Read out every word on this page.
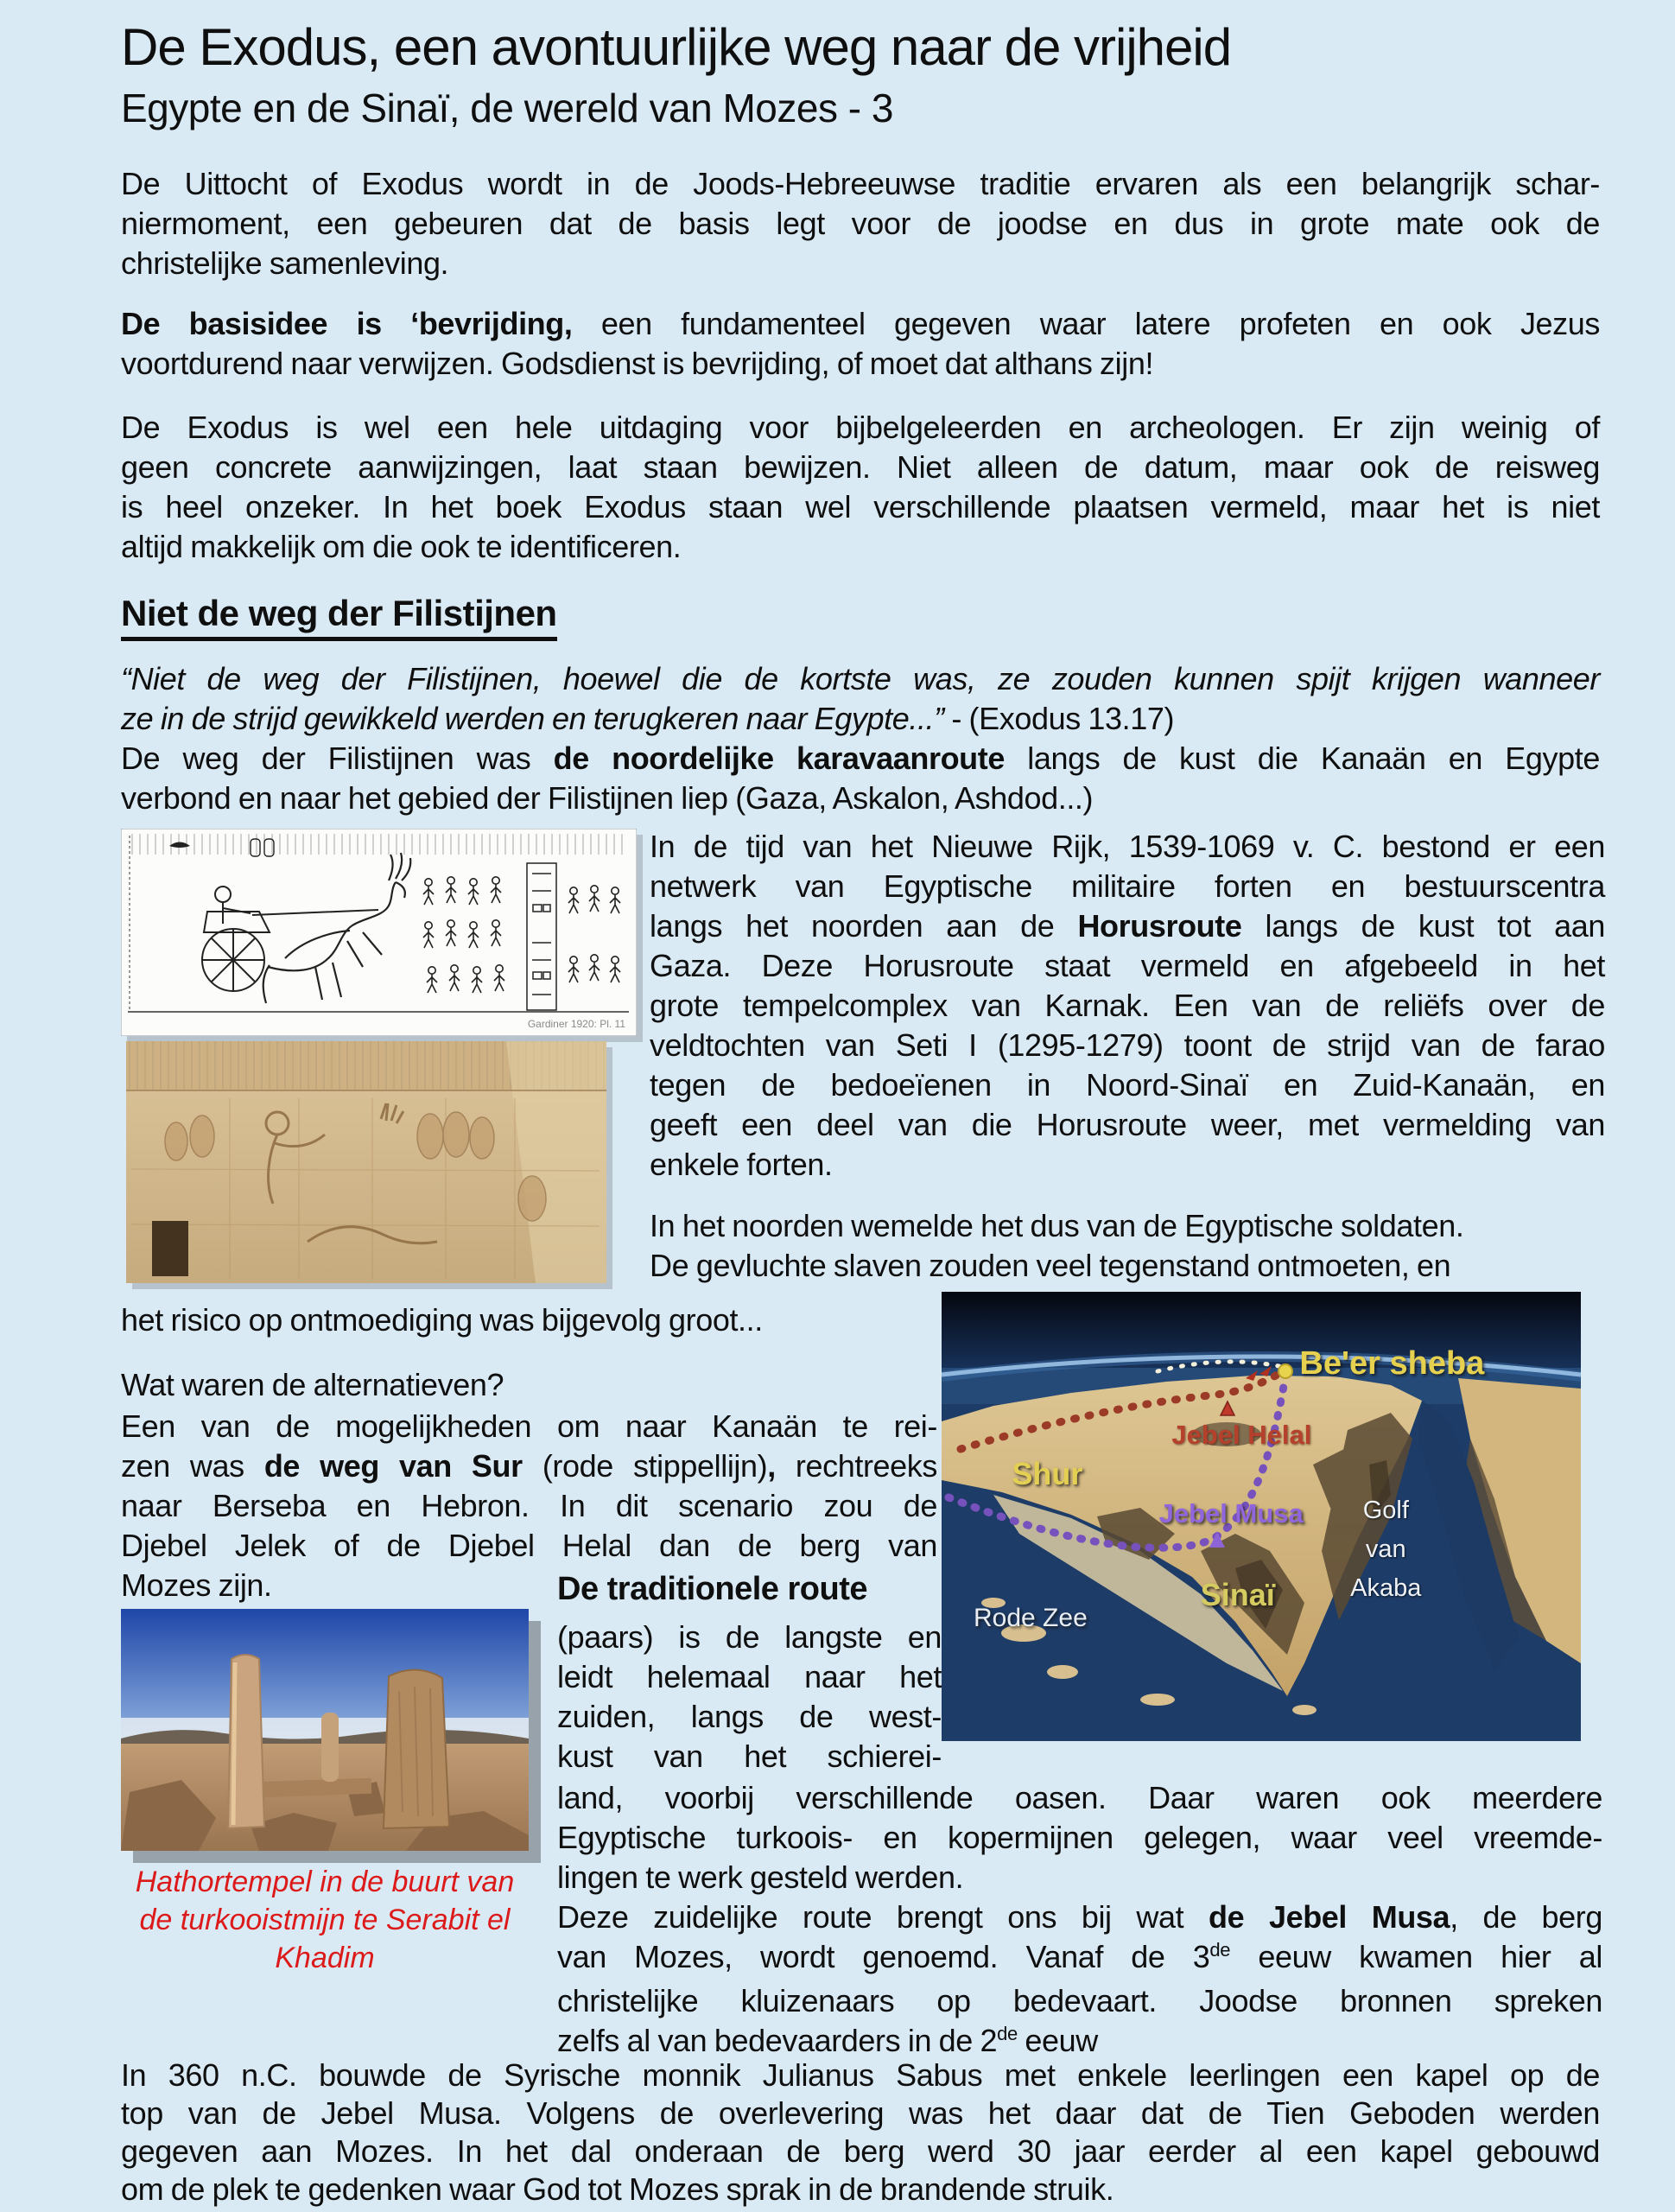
De Exodus, een avontuurlijke weg naar de vrijheid
Egypte en de Sinaï, de wereld van Mozes - 3
De Uittocht of Exodus wordt in de Joods-Hebreeuwse traditie ervaren als een belangrijk schar-
niermoment, een gebeuren dat de basis legt voor de joodse en dus in grote mate ook de
christelijke samenleving.
De basisidee is ‘bevrijding, een fundamenteel gegeven waar latere profeten en ook Jezus
voortdurend naar verwijzen. Godsdienst is bevrijding, of moet dat althans zijn!
De Exodus is wel een hele uitdaging voor bijbelgeleerden en archeologen. Er zijn weinig of
geen concrete aanwijzingen, laat staan bewijzen. Niet alleen de datum, maar ook de reisweg
is heel onzeker. In het boek Exodus staan wel verschillende plaatsen vermeld, maar het is niet
altijd makkelijk om die ook te identificeren.
Niet de weg der Filistijnen
“Niet de weg der Filistijnen, hoewel die de kortste was, ze zouden kunnen spijt krijgen wanneer
ze in de strijd gewikkeld werden en terugkeren naar Egypte...” - (Exodus 13.17)
De weg der Filistijnen was de noordelijke karavaanroute langs de kust die Kanaän en Egypte
verbond en naar het gebied der Filistijnen liep (Gaza, Askalon, Ashdod...)
Gardiner 1920: Pl. 11
In de tijd van het Nieuwe Rijk, 1539-1069 v. C. bestond er een
netwerk van Egyptische militaire forten en bestuurscentra
langs het noorden aan de Horusroute langs de kust tot aan
Gaza. Deze Horusroute staat vermeld en afgebeeld in het
grote tempelcomplex van Karnak. Een van de reliëfs over de
veldtochten van Seti I (1295-1279) toont de strijd van de farao
tegen de bedoeïenen in Noord-Sinaï en Zuid-Kanaän, en
geeft een deel van die Horusroute weer, met vermelding van
enkele forten.
In het noorden wemelde het dus van de Egyptische soldaten.
De gevluchte slaven zouden veel tegenstand ontmoeten, en
het risico op ontmoediging was bijgevolg groot...
Wat waren de alternatieven?
Een van de mogelijkheden om naar Kanaän te rei-
zen was de weg van Sur (rode stippellijn), rechtreeks
naar Berseba en Hebron. In dit scenario zou de
Djebel Jelek of de Djebel Helal dan de berg van
Mozes zijn.
Be'er sheba
Shur
Jebel Helal
Jebel Musa	Golf
van
Akaba
Sinaï
Rode Zee
De traditionele route
(paars) is de langste en
leidt helemaal naar het
zuiden, langs de west-
kust van het schierei-
land, voorbij verschillende oasen. Daar waren ook meerdere
Egyptische turkoois- en kopermijnen gelegen, waar veel vreemde-
lingen te werk gesteld werden.
Deze zuidelijke route brengt ons bij wat de Jebel Musa, de berg
van Mozes, wordt genoemd. Vanaf de 3de eeuw kwamen hier al
christelijke kluizenaars op bedevaart. Joodse bronnen spreken
zelfs al van bedevaarders in de 2de eeuw
Hathortempel in de buurt van
de turkooistmijn te Serabit el
Khadim
In 360 n.C. bouwde de Syrische monnik Julianus Sabus met enkele leerlingen een kapel op de
top van de Jebel Musa. Volgens de overlevering was het daar dat de Tien Geboden werden
gegeven aan Mozes. In het dal onderaan de berg werd 30 jaar eerder al een kapel gebouwd
om de plek te gedenken waar God tot Mozes sprak in de brandende struik.
